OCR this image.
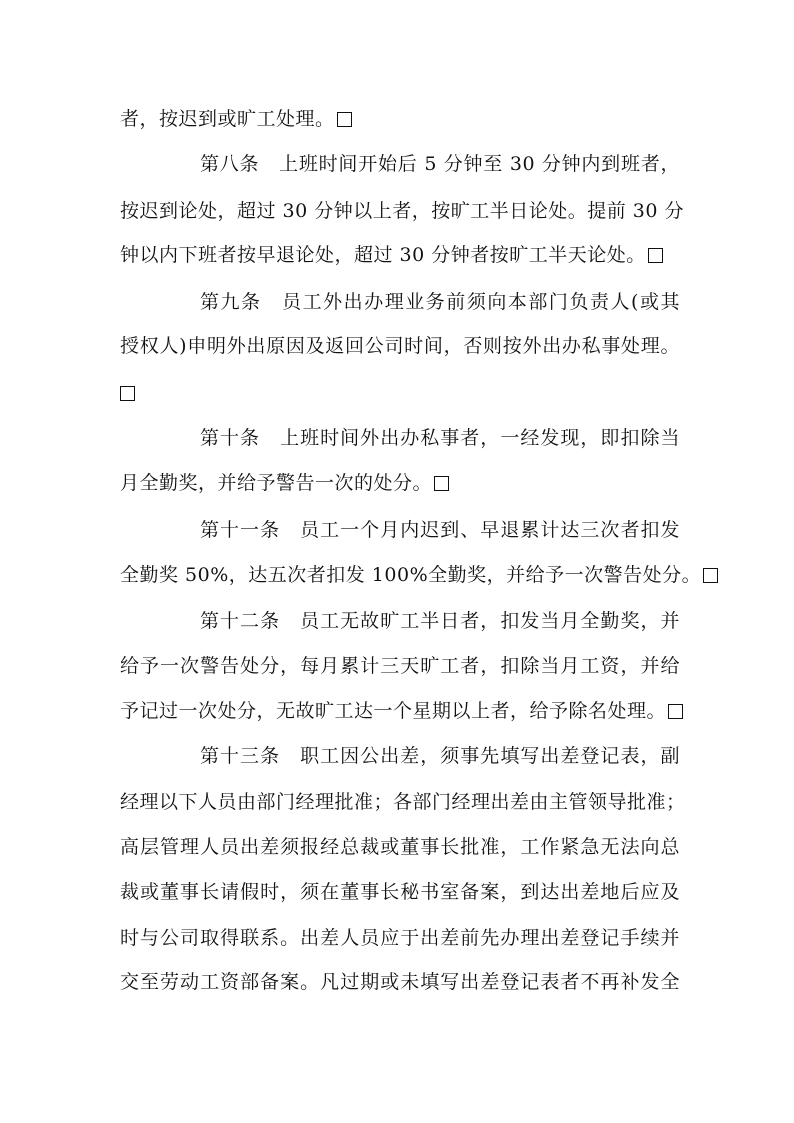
者，按迟到或旷工处理。
第八条　上班时间开始后 5 分钟至 30 分钟内到班者，
按迟到论处，超过 30 分钟以上者，按旷工半日论处。提前 30 分
钟以内下班者按早退论处，超过 30 分钟者按旷工半天论处。
第九条　员工外出办理业务前须向本部门负责人(或其
授权人)申明外出原因及返回公司时间，否则按外出办私事处理。
第十条　上班时间外出办私事者，一经发现，即扣除当
月全勤奖，并给予警告一次的处分。
第十一条　员工一个月内迟到、早退累计达三次者扣发
全勤奖 50%，达五次者扣发 100%全勤奖，并给予一次警告处分。
第十二条　员工无故旷工半日者，扣发当月全勤奖，并
给予一次警告处分，每月累计三天旷工者，扣除当月工资，并给
予记过一次处分，无故旷工达一个星期以上者，给予除名处理。
第十三条　职工因公出差，须事先填写出差登记表，副
经理以下人员由部门经理批准；各部门经理出差由主管领导批准；
高层管理人员出差须报经总裁或董事长批准，工作紧急无法向总
裁或董事长请假时，须在董事长秘书室备案，到达出差地后应及
时与公司取得联系。出差人员应于出差前先办理出差登记手续并
交至劳动工资部备案。凡过期或未填写出差登记表者不再补发全
